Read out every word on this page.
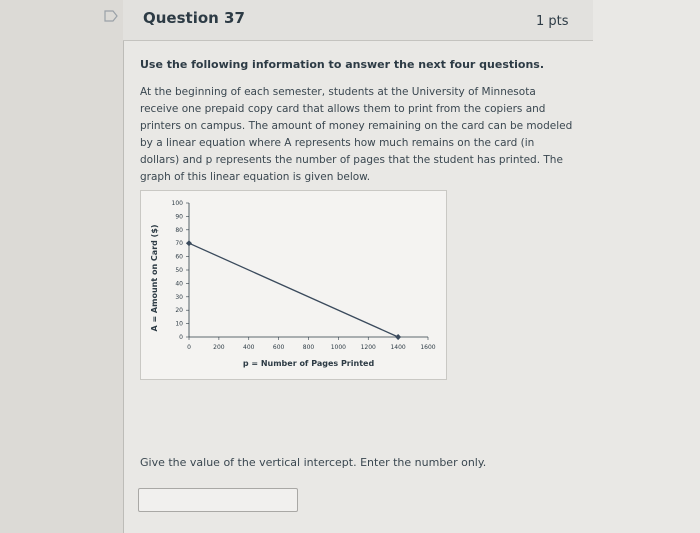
Question 37	1 pts
Use the following information to answer the next four questions.
At the beginning of each semester, students at the University of Minnesota receive one prepaid copy card that allows them to print from the copiers and printers on campus. The amount of money remaining on the card can be modeled by a linear equation where A represents how much remains on the card (in dollars) and p represents the number of pages that the student has printed. The graph of this linear equation is given below.
0
10
20
30
40
50
60
70
80
90
100
0	200	400	600	800	1000 1200 1400 1600
p = Number of Pages Printed
A = Amount on Card ($)
Give the value of the vertical intercept. Enter the number only.
